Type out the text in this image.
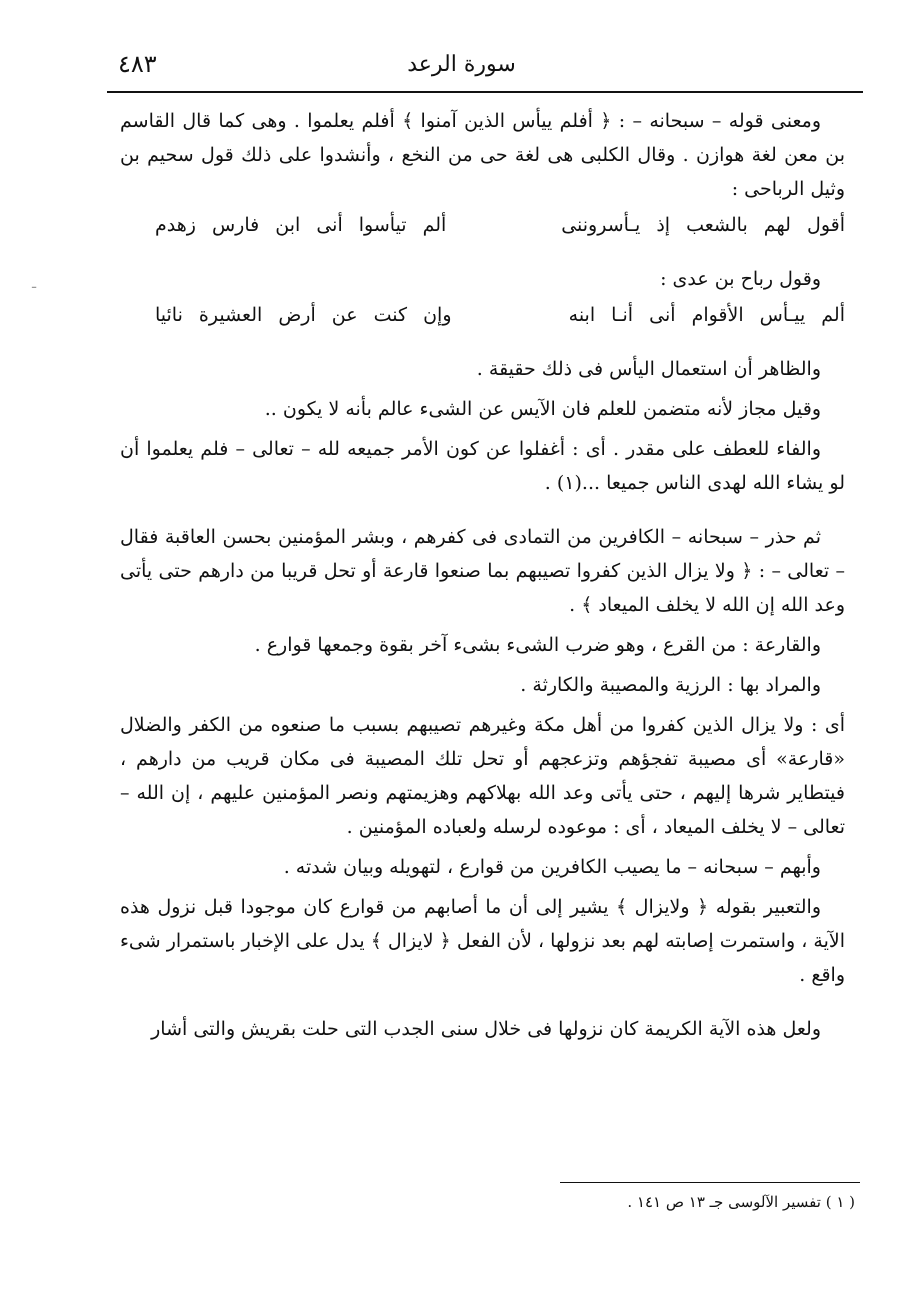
سورة الرعد
٤٨٣

ومعنى قوله – سبحانه – : ﴿ أفلم ييأس الذين آمنوا ﴾ أفلم يعلموا . وهى كما قال القاسم بن معن لغة هوازن . وقال الكلبى هى لغة حى من النخع ، وأنشدوا على ذلك قول سحيم بن وثيل الرباحى :

أقول لهم بالشعب إذ يـأسروننى
ألم تيأسوا أنى ابن فارس زهدم

وقول رباح بن عدى :

ألم ييـأس الأقوام أنى أنـا ابنه
وإن كنت عن أرض العشيرة نائيا

والظاهر أن استعمال اليأس فى ذلك حقيقة .

وقيل مجاز لأنه متضمن للعلم فان الآيس عن الشىء عالم بأنه لا يكون ..

والفاء للعطف على مقدر . أى : أغفلوا عن كون الأمر جميعه لله – تعالى – فلم يعلموا أن لو يشاء الله لهدى الناس جميعا ...(١) .

ثم حذر – سبحانه – الكافرين من التمادى فى كفرهم ، وبشر المؤمنين بحسن العاقبة فقال – تعالى – : ﴿ ولا يزال الذين كفروا تصيبهم بما صنعوا قارعة أو تحل قريبا من دارهم حتى يأتى وعد الله إن الله لا يخلف الميعاد ﴾ .

والقارعة : من القرع ، وهو ضرب الشىء بشىء آخر بقوة وجمعها قوارع .

والمراد بها : الرزية والمصيبة والكارثة .

أى : ولا يزال الذين كفروا من أهل مكة وغيرهم تصيبهم بسبب ما صنعوه من الكفر والضلال «قارعة» أى مصيبة تفجؤهم وتزعجهم أو تحل تلك المصيبة فى مكان قريب من دارهم ، فيتطاير شرها إليهم ، حتى يأتى وعد الله بهلاكهم وهزيمتهم ونصر المؤمنين عليهم ، إن الله – تعالى – لا يخلف الميعاد ، أى : موعوده لرسله ولعباده المؤمنين .

وأبهم – سبحانه – ما يصيب الكافرين من قوارع ، لتهويله وبيان شدته .

والتعبير بقوله ﴿ ولايزال ﴾ يشير إلى أن ما أصابهم من قوارع كان موجودا قبل نزول هذه الآية ، واستمرت إصابته لهم بعد نزولها ، لأن الفعل ﴿ لايزال ﴾ يدل على الإخبار باستمرار شىء واقع .

ولعل هذه الآية الكريمة كان نزولها فى خلال سنى الجدب التى حلت بقريش والتى أشار

( ١ ) تفسير الآلوسى جـ ١٣ ص ١٤١ .
ـ
